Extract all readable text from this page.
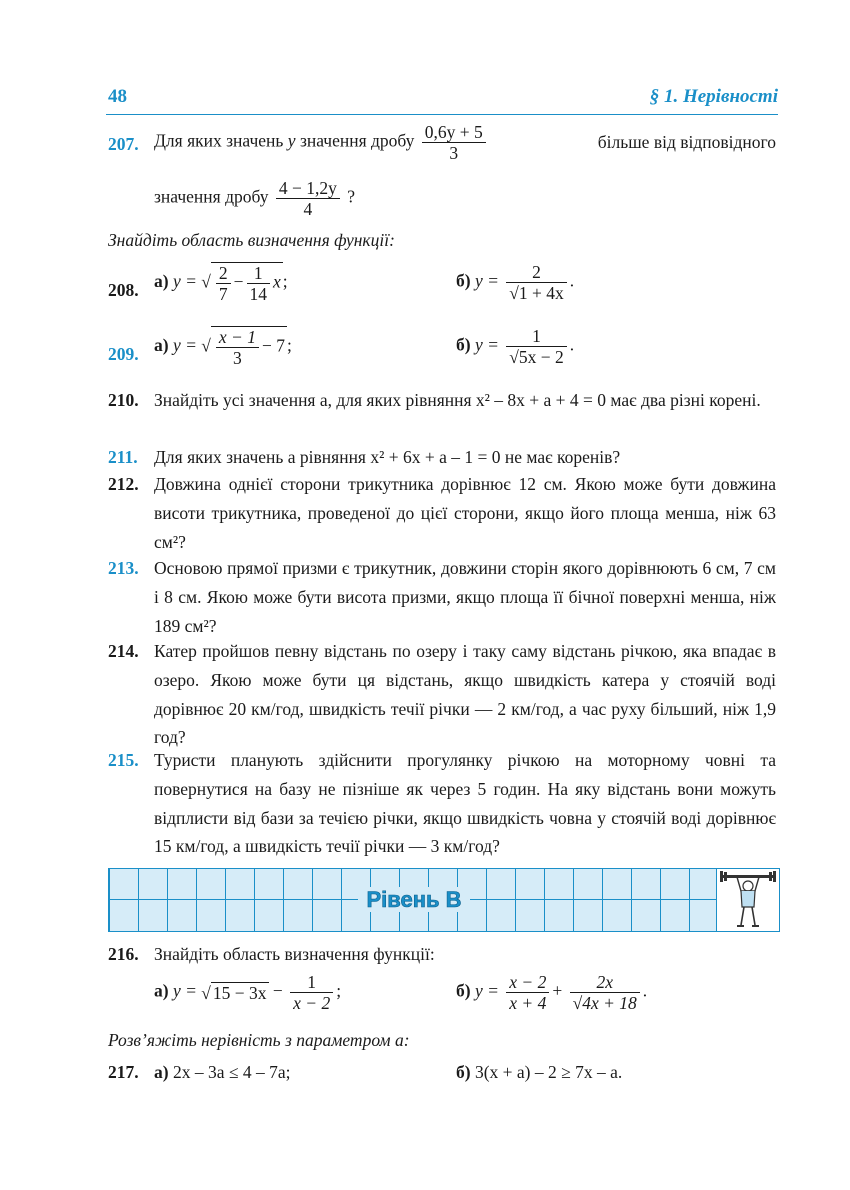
48	§ 1. Нерівності
207. Для яких значень y значення дробу $\frac{0,6y + 5}{3}$	більше від відповідного
значення дробу $\frac{4 - 1,2y}{4}$ ?
Знайдіть область визначення функції:
208. а) y = √ $\frac{2}{7} - \frac{1}{14}$ x ;	б) $y = \frac{2}{√1 + 4x}$ .
209. а) y = √ $\frac{x - 1}{3} - 7$ ;	б) $y = \frac{1}{√5x - 2}$ .
210. Знайдіть усі значення a, для яких рівняння x² – 8x + a + 4 = 0 має два різні корені.
211. Для яких значень a рівняння x² + 6x + a – 1 = 0 не має коренів?
212. Довжина однієї сторони трикутника дорівнює 12 см. Якою може бути довжина висоти трикутника, проведеної до цієї сторони, якщо його площа менша, ніж 63 см²?
213. Основою прямої призми є трикутник, довжини сторін якого дорівнюють 6 см, 7 см і 8 см. Якою може бути висота призми, якщо площа її бічної поверхні менша, ніж 189 см²?
214. Катер пройшов певну відстань по озеру і таку саму відстань річкою, яка впадає в озеро. Якою може бути ця відстань, якщо швидкість катера у стоячій воді дорівнює 20 км/год, швидкість течії річки — 2 км/год, а час руху більший, ніж 1,9 год?
215. Туристи планують здійснити прогулянку річкою на моторному човні та повернутися на базу не пізніше як через 5 годин. На яку відстань вони можуть відплисти від бази за течією річки, якщо швидкість човна у стоячій воді дорівнює 15 км/год, а швидкість течії річки — 3 км/год?
Рівень В
216. Знайдіть область визначення функції:
а) y = √ $15 - 3x - \frac{1}{x - 2}$ ;	б) $y = \frac{x - 2}{x + 4} + \frac{2x}{√4x + 18}$ .
Розв’яжіть нерівність з параметром a:
217. а) 2x – 3a ≤ 4 – 7a;	б) 3(x + a) – 2 ≥ 7x – a.
